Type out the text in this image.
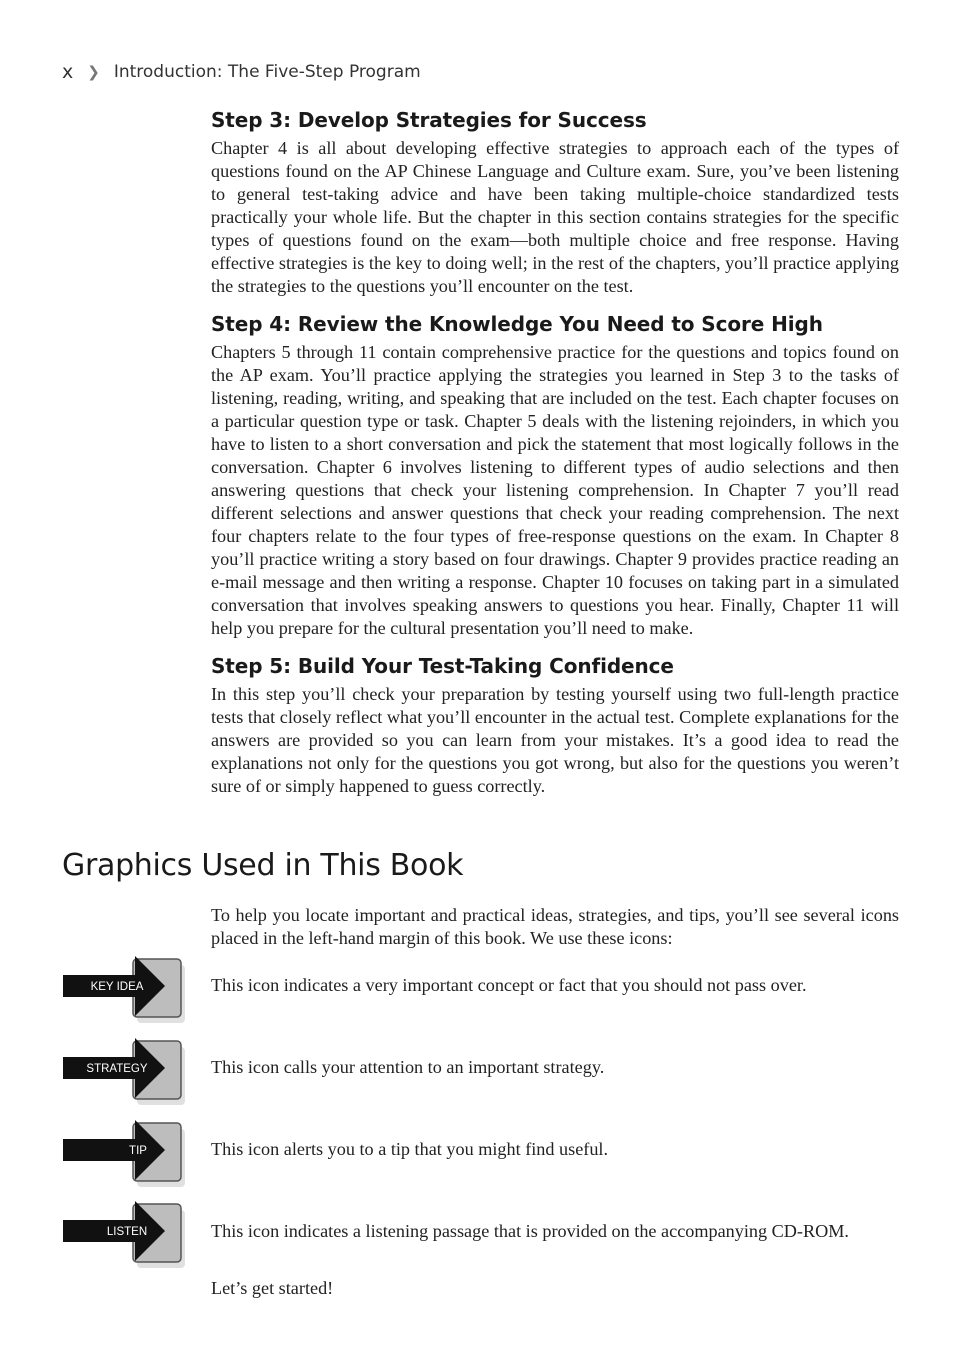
x ❯ Introduction: The Five-Step Program
Step 3: Develop Strategies for Success

Chapter 4 is all about developing effective strategies to approach each of the types of questions found on the AP Chinese Language and Culture exam. Sure, you’ve been listening to general test-taking advice and have been taking multiple-choice standardized tests practically your whole life. But the chapter in this section contains strategies for the specific types of questions found on the exam—both multiple choice and free response. Having effective strategies is the key to doing well; in the rest of the chapters, you’ll practice applying the strategies to the questions you’ll encounter on the test.

Step 4: Review the Knowledge You Need to Score High

Chapters 5 through 11 contain comprehensive practice for the questions and topics found on the AP exam. You’ll practice applying the strategies you learned in Step 3 to the tasks of listening, reading, writing, and speaking that are included on the test. Each chapter focuses on a particular question type or task. Chapter 5 deals with the listening rejoinders, in which you have to listen to a short conversation and pick the statement that most logically follows in the conversation. Chapter 6 involves listening to different types of audio selections and then answering questions that check your listening comprehension. In Chapter 7 you’ll read different selections and answer questions that check your reading comprehension. The next four chapters relate to the four types of free-response questions on the exam. In Chapter 8 you’ll practice writing a story based on four drawings. Chapter 9 provides practice reading an e-mail message and then writing a response. Chapter 10 focuses on taking part in a simulated conversation that involves speaking answers to questions you hear. Finally, Chapter 11 will help you prepare for the cultural presentation you’ll need to make.

Step 5: Build Your Test-Taking Confidence

In this step you’ll check your preparation by testing yourself using two full-length practice tests that closely reflect what you’ll encounter in the actual test. Complete explanations for the answers are provided so you can learn from your mistakes. It’s a good idea to read the explanations not only for the questions you got wrong, but also for the questions you weren’t sure of or simply happened to guess correctly.

Graphics Used in This Book

To help you locate important and practical ideas, strategies, and tips, you’ll see several icons placed in the left-hand margin of this book. We use these icons:

KEY IDEA	This icon indicates a very important concept or fact that you should not pass over.
STRATEGY	This icon calls your attention to an important strategy.
TIP	This icon alerts you to a tip that you might find useful.
LISTEN	This icon indicates a listening passage that is provided on the accompanying CD-ROM.

Let’s get started!
